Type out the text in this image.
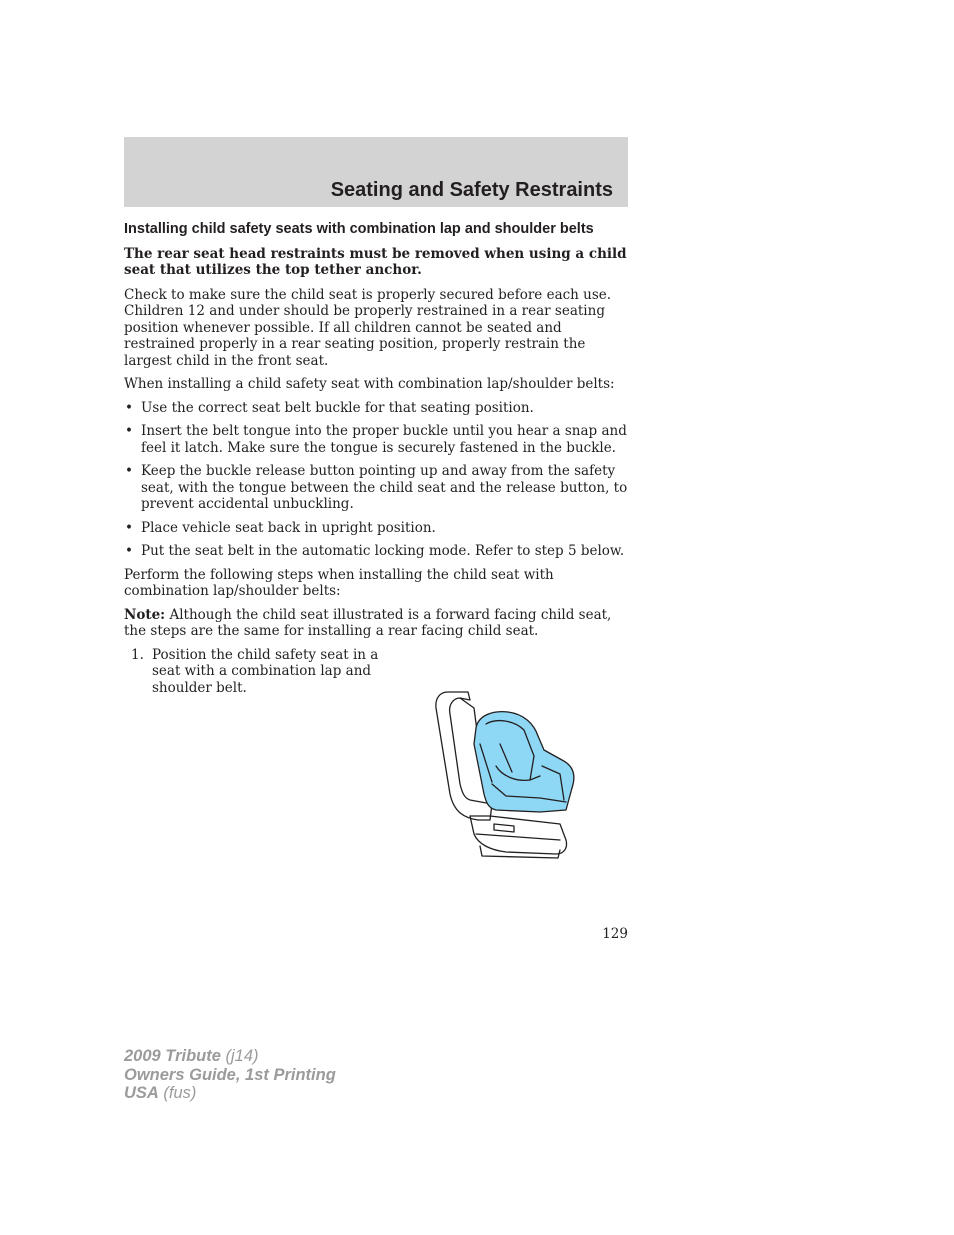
Seating and Safety Restraints
Installing child safety seats with combination lap and shoulder belts
The rear seat head restraints must be removed when using a child seat that utilizes the top tether anchor.

Check to make sure the child seat is properly secured before each use. Children 12 and under should be properly restrained in a rear seating position whenever possible. If all children cannot be seated and restrained properly in a rear seating position, properly restrain the largest child in the front seat.

When installing a child safety seat with combination lap/shoulder belts:

• Use the correct seat belt buckle for that seating position.
• Insert the belt tongue into the proper buckle until you hear a snap and feel it latch. Make sure the tongue is securely fastened in the buckle.
• Keep the buckle release button pointing up and away from the safety seat, with the tongue between the child seat and the release button, to prevent accidental unbuckling.
• Place vehicle seat back in upright position.
• Put the seat belt in the automatic locking mode. Refer to step 5 below.

Perform the following steps when installing the child seat with combination lap/shoulder belts:

Note: Although the child seat illustrated is a forward facing child seat, the steps are the same for installing a rear facing child seat.

1. Position the child safety seat in a seat with a combination lap and shoulder belt.
129
2009 Tribute (j14)
Owners Guide, 1st Printing
USA (fus)
